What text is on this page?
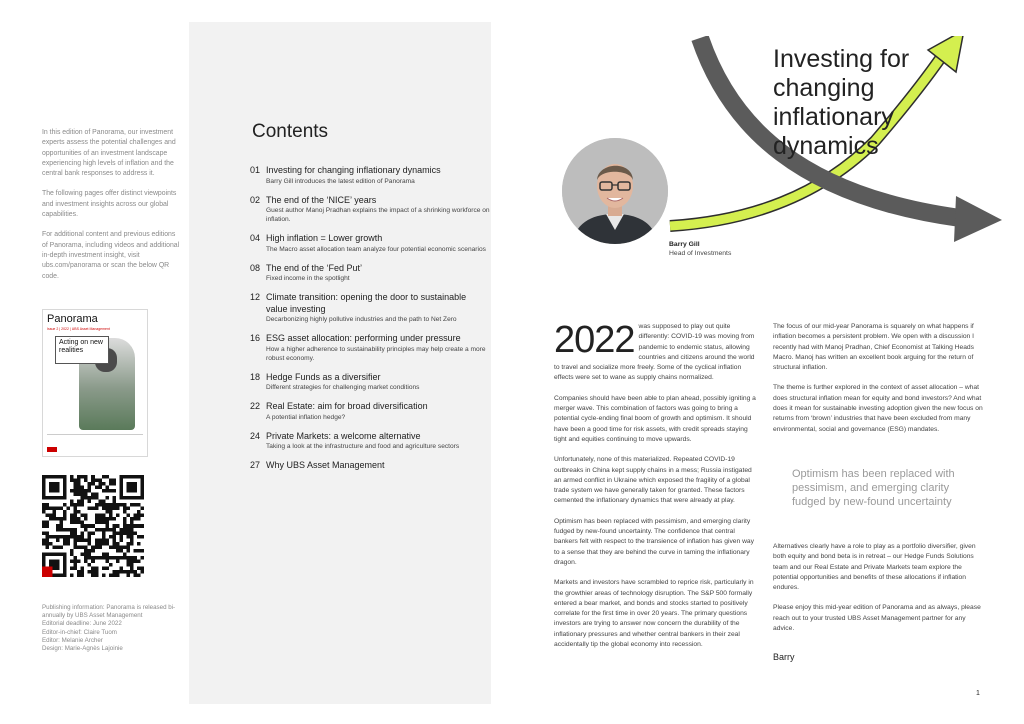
In this edition of Panorama, our investment experts assess the potential challenges and opportunities of an investment landscape experiencing high levels of inflation and the central bank responses to address it.

The following pages offer distinct viewpoints and investment insights across our global capabilities.

For additional content and previous editions of Panorama, including videos and additional in-depth investment insight, visit ubs.com/panorama or scan the below QR code.

Panorama
Issue 2 | 2022 | UBS Asset Management
Acting on new realities
Publishing information: Panorama is released bi-annually by UBS Asset Management
Editorial deadline: June 2022
Editor-in-chief: Claire Tuom
Editor: Melanie Archer
Design: Marie-Agnès Lajoinie
Contents
01 Investing for changing inflationary dynamics
Barry Gill introduces the latest edition of Panorama
02 The end of the ‘NICE’ years
Guest author Manoj Pradhan explains the impact of a shrinking workforce on inflation.
04 High inflation = Lower growth
The Macro asset allocation team analyze four potential economic scenarios
08 The end of the ‘Fed Put’
Fixed income in the spotlight
12 Climate transition: opening the door to sustainable value investing
Decarbonizing highly pollutive industries and the path to Net Zero
16 ESG asset allocation: performing under pressure
How a higher adherence to sustainability principles may help create a more robust economy.
18 Hedge Funds as a diversifier
Different strategies for challenging market conditions
22 Real Estate: aim for broad diversification
A potential inflation hedge?
24 Private Markets: a welcome alternative
Taking a look at the infrastructure and food and agriculture sectors
27 Why UBS Asset Management
Investing for
changing
inflationary
dynamics
Barry Gill
Head of Investments

2022 was supposed to play out quite differently: COVID-19 was moving from pandemic to endemic status, allowing countries and citizens around the world to travel and socialize more freely. Some of the cyclical inflation effects were set to wane as supply chains normalized.

Companies should have been able to plan ahead, possibly igniting a merger wave. This combination of factors was going to bring a potential cycle-ending final boom of growth and optimism. It should have been a good time for risk assets, with credit spreads staying tight and equities continuing to move upwards.

Unfortunately, none of this materialized. Repeated COVID-19 outbreaks in China kept supply chains in a mess; Russia instigated an armed conflict in Ukraine which exposed the fragility of a global trade system we have generally taken for granted. These factors cemented the inflationary dynamics that were already at play.

Optimism has been replaced with pessimism, and emerging clarity fudged by new-found uncertainty. The confidence that central bankers felt with respect to the transience of inflation has given way to a sense that they are behind the curve in taming the inflationary dragon.

Markets and investors have scrambled to reprice risk, particularly in the growthier areas of technology disruption. The S&P 500 formally entered a bear market, and bonds and stocks started to positively correlate for the first time in over 20 years. The primary questions investors are trying to answer now concern the durability of the inflationary pressures and whether central bankers in their zeal accidentally tip the global economy into recession.

The focus of our mid-year Panorama is squarely on what happens if inflation becomes a persistent problem. We open with a discussion I recently had with Manoj Pradhan, Chief Economist at Talking Heads Macro. Manoj has written an excellent book arguing for the return of structural inflation.

The theme is further explored in the context of asset allocation – what does structural inflation mean for equity and bond investors? And what does it mean for sustainable investing adoption given the new focus on returns from ‘brown’ industries that have been excluded from many environmental, social and governance (ESG) mandates.

Optimism has been replaced with pessimism, and emerging clarity fudged by new-found uncertainty

Alternatives clearly have a role to play as a portfolio diversifier, given both equity and bond beta is in retreat – our Hedge Funds Solutions team and our Real Estate and Private Markets team explore the potential opportunities and benefits of these allocations if inflation endures.

Please enjoy this mid-year edition of Panorama and as always, please reach out to your trusted UBS Asset Management partner for any advice.

Barry
1
